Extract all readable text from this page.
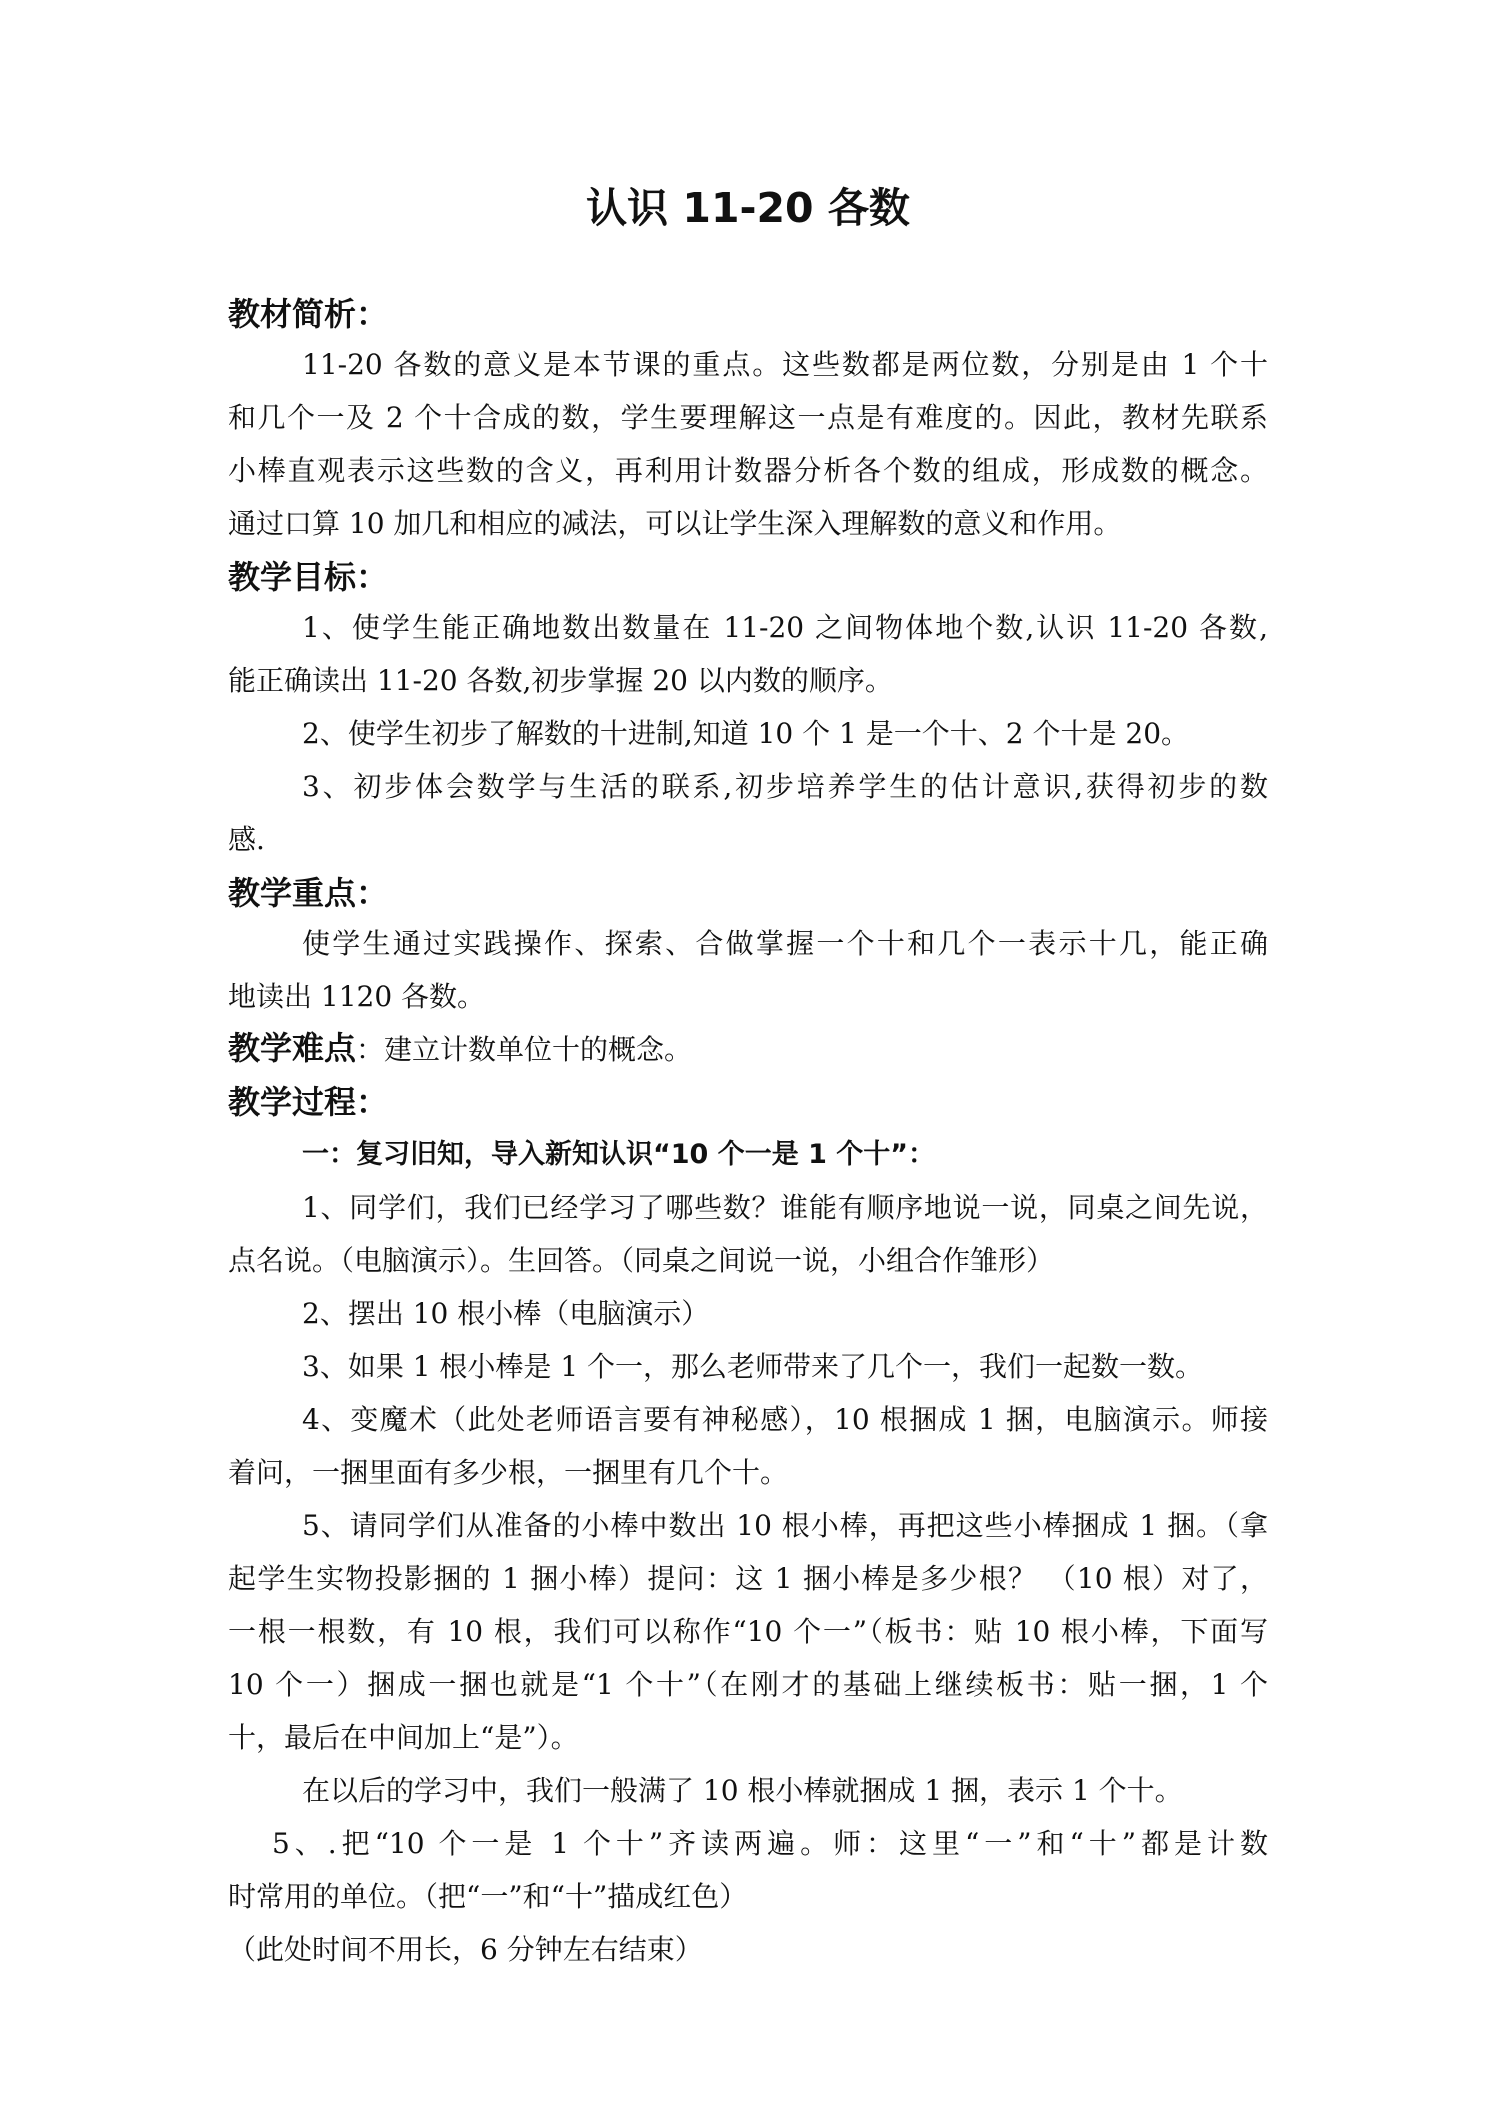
认识 11-20 各数
教材简析：
11-20 各数的意义是本节课的重点。这些数都是两位数，分别是由 1 个十
和几个一及 2 个十合成的数，学生要理解这一点是有难度的。因此，教材先联系
小棒直观表示这些数的含义，再利用计数器分析各个数的组成，形成数的概念。
通过口算 10 加几和相应的减法，可以让学生深入理解数的意义和作用。
教学目标：
1、使学生能正确地数出数量在 11-20 之间物体地个数,认识 11-20 各数,
能正确读出 11-20 各数,初步掌握 20 以内数的顺序。
2、使学生初步了解数的十进制,知道 10 个 1 是一个十、2 个十是 20。
3、初步体会数学与生活的联系,初步培养学生的估计意识,获得初步的数
感.
教学重点：
使学生通过实践操作、探索、合做掌握一个十和几个一表示十几，能正确
地读出 1120 各数。
教学难点：建立计数单位十的概念。
教学过程：
一：复习旧知，导入新知认识“10 个一是 1 个十”：
1、同学们，我们已经学习了哪些数？谁能有顺序地说一说，同桌之间先说，
点名说。（电脑演示）。生回答。（同桌之间说一说，小组合作雏形）
2、摆出 10 根小棒（电脑演示）
3、如果 1 根小棒是 1 个一，那么老师带来了几个一，我们一起数一数。
4、变魔术（此处老师语言要有神秘感），10 根捆成 1 捆，电脑演示。师接
着问，一捆里面有多少根，一捆里有几个十。
5、请同学们从准备的小棒中数出 10 根小棒，再把这些小棒捆成 1 捆。（拿
起学生实物投影捆的 1 捆小棒）提问：这 1 捆小棒是多少根？ （10 根）对了，
一根一根数，有 10 根，我们可以称作“10 个一”（板书：贴 10 根小棒，下面写
10 个一）捆成一捆也就是“1 个十”（在刚才的基础上继续板书：贴一捆，1 个
十，最后在中间加上“是”）。
在以后的学习中，我们一般满了 10 根小棒就捆成 1 捆，表示 1 个十。
5、.把“10 个一是 1 个十”齐读两遍。师：这里“一”和“十”都是计数
时常用的单位。（把“一”和“十”描成红色）
（此处时间不用长，6 分钟左右结束）
